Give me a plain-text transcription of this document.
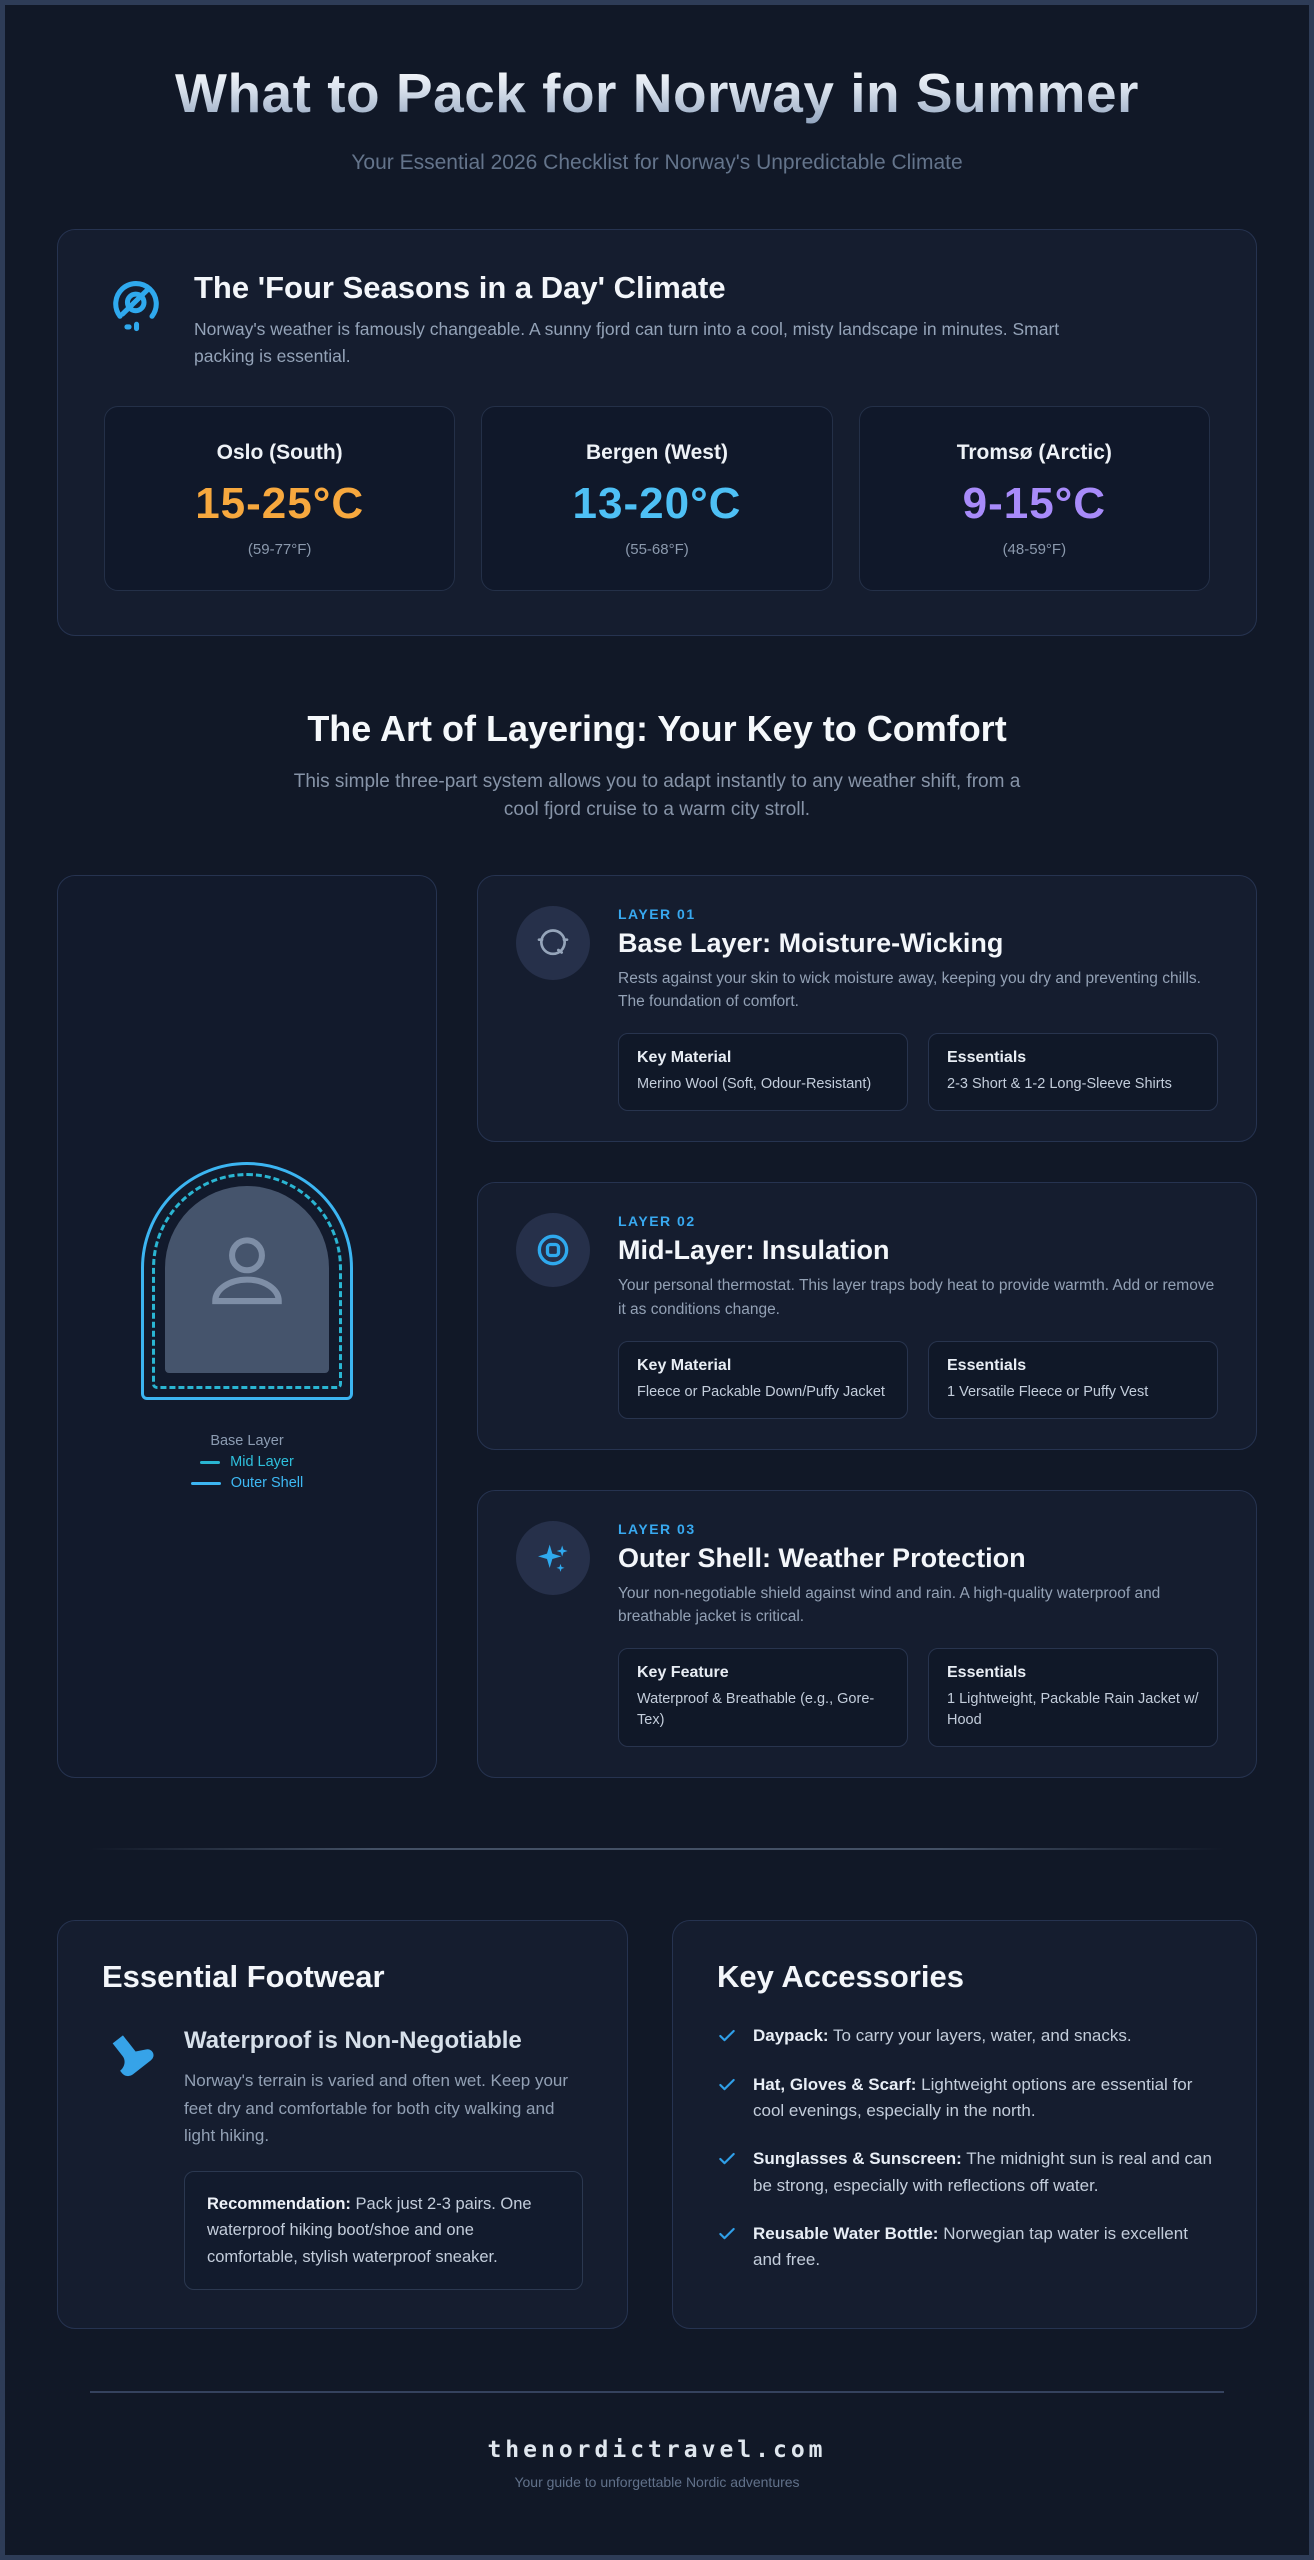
What to Pack for Norway in Summer
Your Essential 2026 Checklist for Norway's Unpredictable Climate
The 'Four Seasons in a Day' Climate

Norway's weather is famously changeable. A sunny fjord can turn into a cool, misty landscape in minutes. Smart packing is essential.

Oslo (South)
15-25°C
(59-77°F)
Bergen (West)
13-20°C
(55-68°F)
Tromsø (Arctic)
9-15°C
(48-59°F)
The Art of Layering: Your Key to Comfort

This simple three-part system allows you to adapt instantly to any weather shift, from a cool fjord cruise to a warm city stroll.

Base Layer
Mid Layer
Outer Shell
LAYER 01
Base Layer: Moisture-Wicking

Rests against your skin to wick moisture away, keeping you dry and preventing chills. The foundation of comfort.

Key Material
Merino Wool (Soft, Odour-Resistant)
Essentials
2-3 Short & 1-2 Long-Sleeve Shirts
LAYER 02
Mid-Layer: Insulation

Your personal thermostat. This layer traps body heat to provide warmth. Add or remove it as conditions change.

Key Material
Fleece or Packable Down/Puffy Jacket
Essentials
1 Versatile Fleece or Puffy Vest
LAYER 03
Outer Shell: Weather Protection

Your non-negotiable shield against wind and rain. A high-quality waterproof and breathable jacket is critical.

Key Feature
Waterproof & Breathable (e.g., Gore-Tex)
Essentials
1 Lightweight, Packable Rain Jacket w/ Hood
Essential Footwear
Waterproof is Non-Negotiable

Norway's terrain is varied and often wet. Keep your feet dry and comfortable for both city walking and light hiking.

Recommendation: Pack just 2-3 pairs. One waterproof hiking boot/shoe and one comfortable, stylish waterproof sneaker.
Key Accessories
Daypack: To carry your layers, water, and snacks.
Hat, Gloves & Scarf: Lightweight options are essential for cool evenings, especially in the north.
Sunglasses & Sunscreen: The midnight sun is real and can be strong, especially with reflections off water.
Reusable Water Bottle: Norwegian tap water is excellent and free.
thenordictravel.com
Your guide to unforgettable Nordic adventures
